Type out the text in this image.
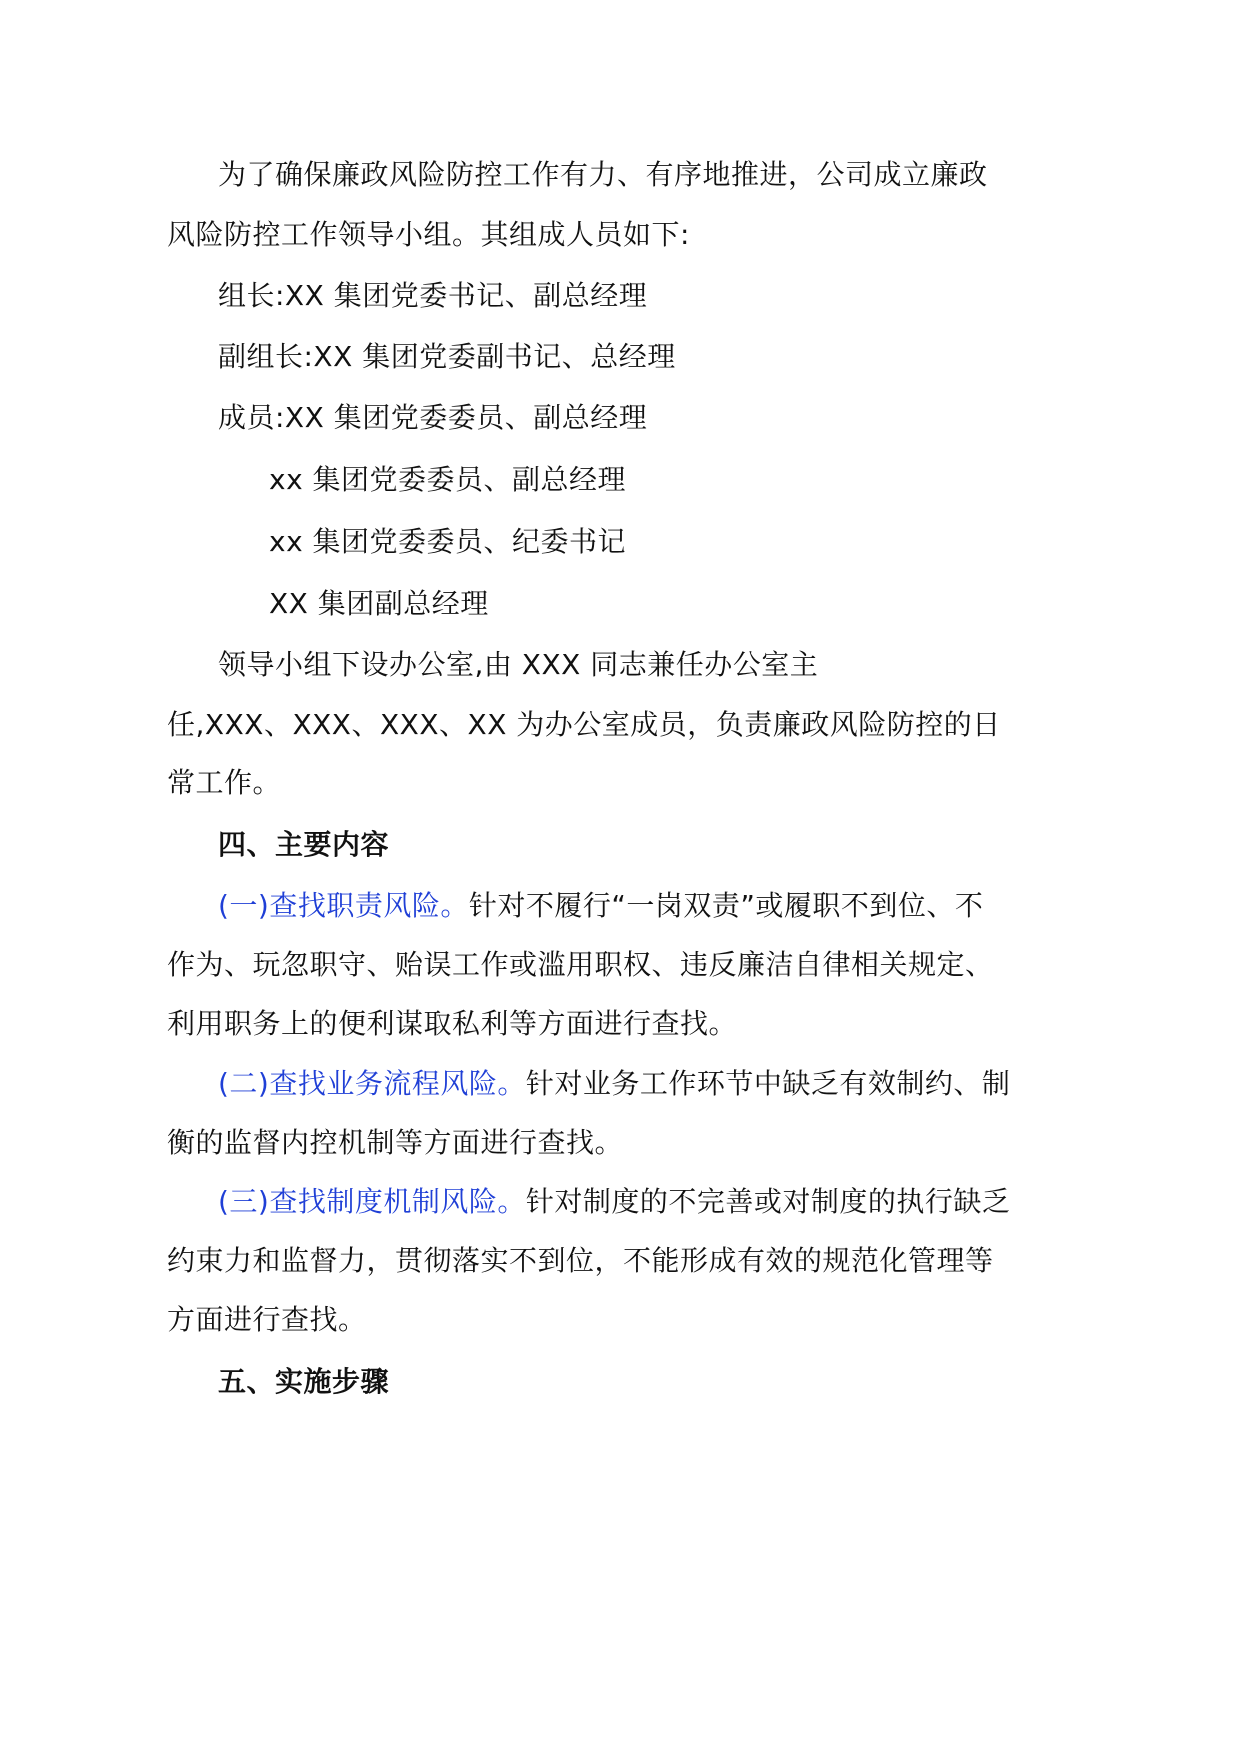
为了确保廉政风险防控工作有力、有序地推进，公司成立廉政
风险防控工作领导小组。其组成人员如下:
组长:XX 集团党委书记、副总经理
副组长:XX 集团党委副书记、总经理
成员:XX 集团党委委员、副总经理
xx 集团党委委员、副总经理
xx 集团党委委员、纪委书记
XX 集团副总经理
领导小组下设办公室,由 XXX 同志兼任办公室主
任,XXX、XXX、XXX、XX 为办公室成员，负责廉政风险防控的日
常工作。
四、主要内容
(一)查找职责风险。针对不履行“一岗双责”或履职不到位、不
作为、玩忽职守、贻误工作或滥用职权、违反廉洁自律相关规定、
利用职务上的便利谋取私利等方面进行查找。
(二)查找业务流程风险。针对业务工作环节中缺乏有效制约、制
衡的监督内控机制等方面进行查找。
(三)查找制度机制风险。针对制度的不完善或对制度的执行缺乏
约束力和监督力，贯彻落实不到位，不能形成有效的规范化管理等
方面进行查找。
五、实施步骤
